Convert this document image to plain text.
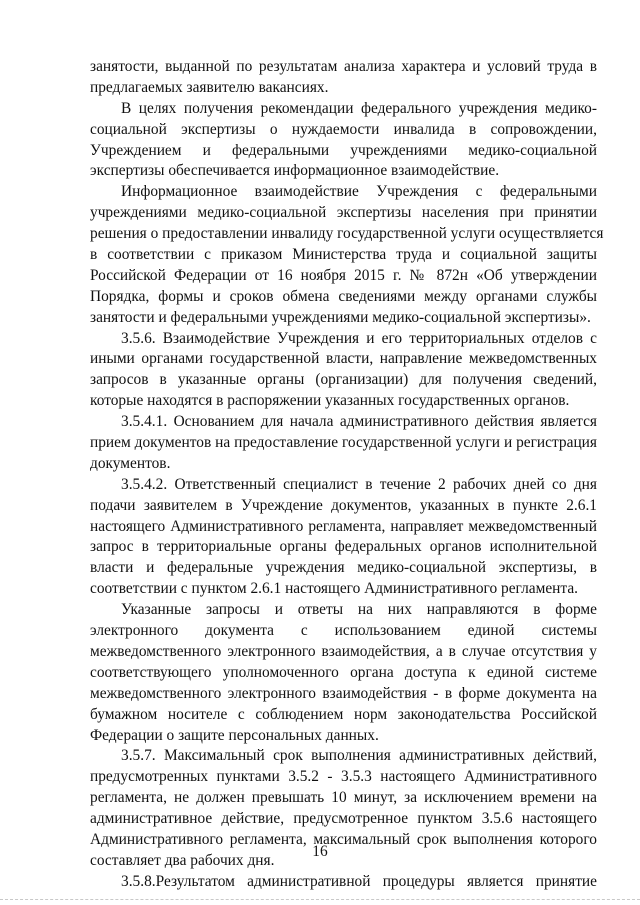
занятости, выданной по результатам анализа характера и условий труда в
предлагаемых заявителю вакансиях.
В целях получения рекомендации федерального учреждения медико-
социальной экспертизы о нуждаемости инвалида в сопровождении,
Учреждением и федеральными учреждениями медико-социальной
экспертизы обеспечивается информационное взаимодействие.
Информационное взаимодействие Учреждения с федеральными
учреждениями медико-социальной экспертизы населения при принятии
решения о предоставлении инвалиду государственной услуги осуществляется
в соответствии с приказом Министерства труда и социальной защиты
Российской Федерации от 16 ноября 2015 г. № 872н «Об утверждении
Порядка, формы и сроков обмена сведениями между органами службы
занятости и федеральными учреждениями медико-социальной экспертизы».
3.5.6. Взаимодействие Учреждения и его территориальных отделов с
иными органами государственной власти, направление межведомственных
запросов в указанные органы (организации) для получения сведений,
которые находятся в распоряжении указанных государственных органов.
3.5.4.1. Основанием для начала административного действия является
прием документов на предоставление государственной услуги и регистрация
документов.
3.5.4.2. Ответственный специалист в течение 2 рабочих дней со дня
подачи заявителем в Учреждение документов, указанных в пункте 2.6.1
настоящего Административного регламента, направляет межведомственный
запрос в территориальные органы федеральных органов исполнительной
власти и федеральные учреждения медико-социальной экспертизы, в
соответствии с пунктом 2.6.1 настоящего Административного регламента.
Указанные запросы и ответы на них направляются в форме
электронного документа с использованием единой системы
межведомственного электронного взаимодействия, а в случае отсутствия у
соответствующего уполномоченного органа доступа к единой системе
межведомственного электронного взаимодействия - в форме документа на
бумажном носителе с соблюдением норм законодательства Российской
Федерации о защите персональных данных.
3.5.7. Максимальный срок выполнения административных действий,
предусмотренных пунктами 3.5.2 - 3.5.3 настоящего Административного
регламента, не должен превышать 10 минут, за исключением времени на
административное действие, предусмотренное пунктом 3.5.6 настоящего
Административного регламента, максимальный срок выполнения которого
составляет два рабочих дня.
3.5.8.Результатом административной процедуры является принятие
16
